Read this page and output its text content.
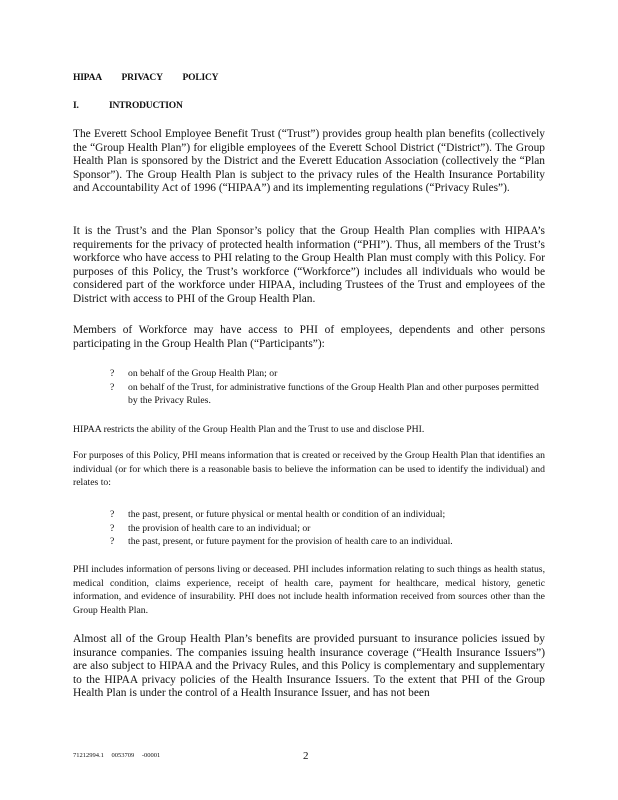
HIPAA PRIVACY POLICY
I.	INTRODUCTION
The Everett School Employee Benefit Trust (“Trust”) provides group health plan benefits (collectively the “Group Health Plan”) for eligible employees of the Everett School District (“District”). The Group Health Plan is sponsored by the District and the Everett Education Association (collectively the “Plan Sponsor”). The Group Health Plan is subject to the privacy rules of the Health Insurance Portability and Accountability Act of 1996 (“HIPAA”) and its implementing regulations (“Privacy Rules”).
It is the Trust’s and the Plan Sponsor’s policy that the Group Health Plan complies with HIPAA’s requirements for the privacy of protected health information (“PHI”). Thus, all members of the Trust’s workforce who have access to PHI relating to the Group Health Plan must comply with this Policy. For purposes of this Policy, the Trust’s workforce (“Workforce”) includes all individuals who would be considered part of the workforce under HIPAA, including Trustees of the Trust and employees of the District with access to PHI of the Group Health Plan.
Members of Workforce may have access to PHI of employees, dependents and other persons participating in the Group Health Plan (“Participants”):
?	on behalf of the Group Health Plan; or
?	on behalf of the Trust, for administrative functions of the Group Health Plan and other purposes permitted by the Privacy Rules.
HIPAA restricts the ability of the Group Health Plan and the Trust to use and disclose PHI.
For purposes of this Policy, PHI means information that is created or received by the Group Health Plan that identifies an individual (or for which there is a reasonable basis to believe the information can be used to identify the individual) and relates to:
?	the past, present, or future physical or mental health or condition of an individual;
?	the provision of health care to an individual; or
?	the past, present, or future payment for the provision of health care to an individual.
PHI includes information of persons living or deceased. PHI includes information relating to such things as health status, medical condition, claims experience, receipt of health care, payment for healthcare, medical history, genetic information, and evidence of insurability. PHI does not include health information received from sources other than the Group Health Plan.
Almost all of the Group Health Plan’s benefits are provided pursuant to insurance policies issued by insurance companies. The companies issuing health insurance coverage (“Health Insurance Issuers”) are also subject to HIPAA and the Privacy Rules, and this Policy is complementary and supplementary to the HIPAA privacy policies of the Health Insurance Issuers. To the extent that PHI of the Group Health Plan is under the control of a Health Insurance Issuer, and has not been
71212994.1 0053709 -00001	2
